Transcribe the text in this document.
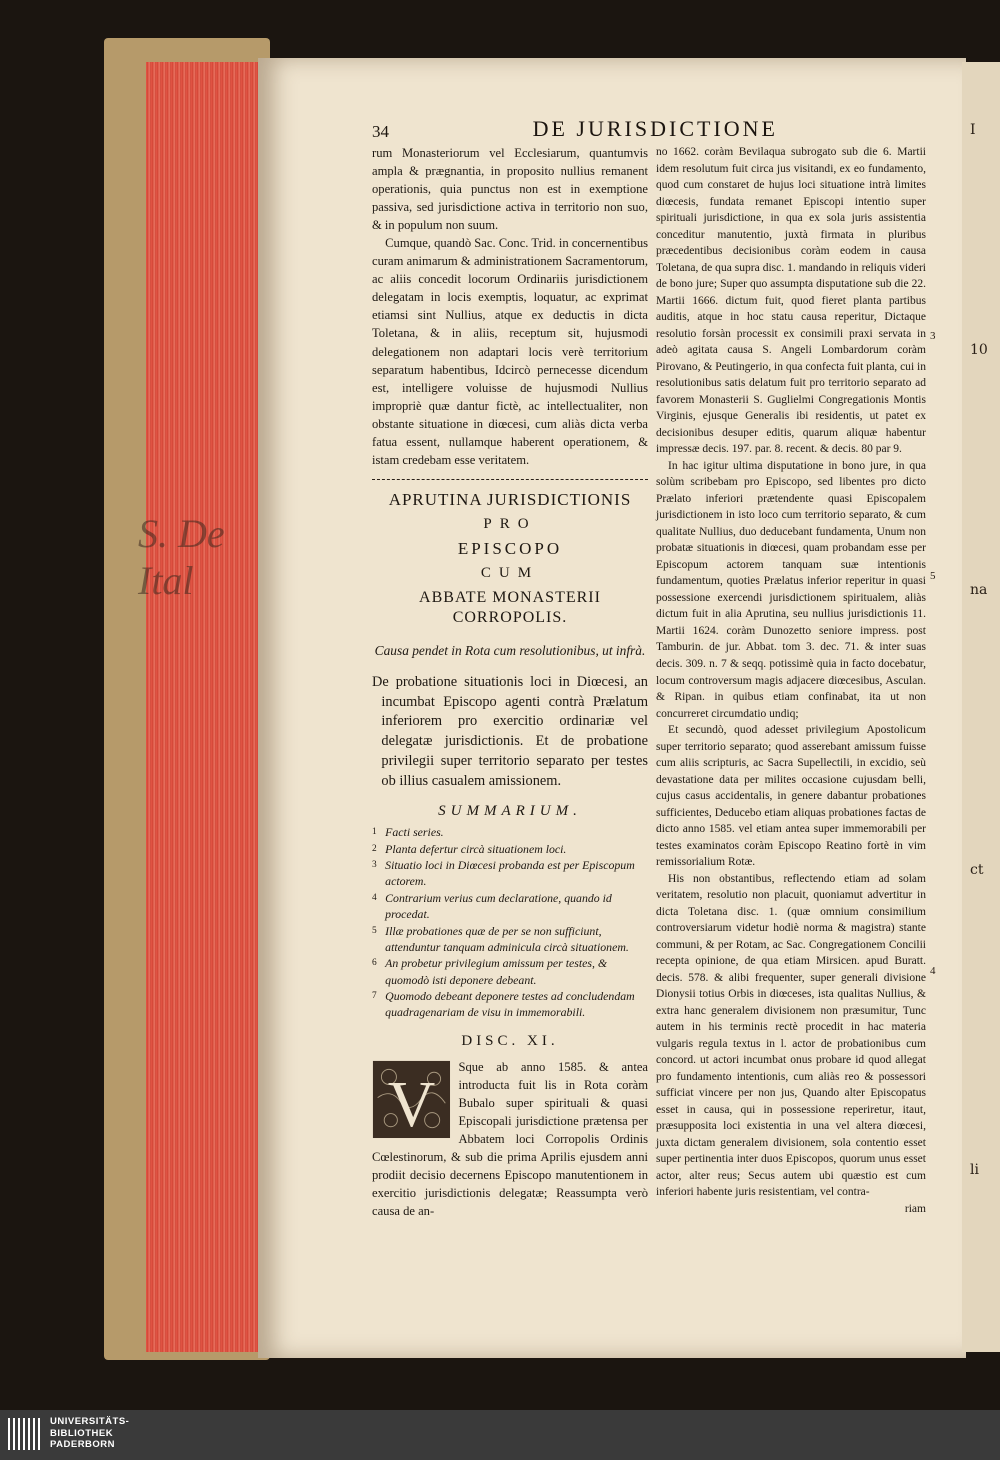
S. De
Ital
I
10
na
ct
li
34	DE JURISDICTIONE

rum Monasteriorum vel Ecclesiarum, quantumvis ampla & prægnantia, in proposito nullius remanent operationis, quia punctus non est in exemptione passiva, sed jurisdictione activa in territorio non suo, & in populum non suum.

Cumque, quandò Sac. Conc. Trid. in concernentibus curam animarum & administrationem Sacramentorum, ac aliis concedit locorum Ordinariis jurisdictionem delegatam in locis exemptis, loquatur, ac exprimat etiamsi sint Nullius, atque ex deductis in dicta Toletana, & in aliis, receptum sit, hujusmodi delegationem non adaptari locis verè territorium separatum habentibus, Idcircò pernecesse dicendum est, intelligere voluisse de hujusmodi Nullius impropriè quæ dantur fictè, ac intellectualiter, non obstante situatione in diœcesi, cum aliàs dicta verba fatua essent, nullamque haberent operationem, & istam credebam esse veritatem.

APRUTINA JURISDICTIONIS
PRO
EPISCOPO
CUM
ABBATE MONASTERII CORROPOLIS.
Causa pendet in Rota cum resolutionibus, ut infrà.
De probatione situationis loci in Diœcesi, an incumbat Episcopo agenti contrà Prælatum inferiorem pro exercitio ordinariæ vel delegatæ jurisdictionis. Et de probatione privilegii super territorio separato per testes ob illius casualem amissionem.
SUMMARIUM.
1 Facti series.
2 Planta defertur circà situationem loci.
3 Situatio loci in Diœcesi probanda est per Episcopum actorem.
4 Contrarium verius cum declaratione, quando id procedat.
5 Illæ probationes quæ de per se non sufficiunt, attenduntur tanquam adminicula circà situationem.
6 An probetur privilegium amissum per testes, & quomodò isti deponere debeant.
7 Quomodo debeant deponere testes ad concludendam quadragenariam de visu in immemorabili.
DISC. XI.
V
Sque ab anno 1585. & antea introducta fuit lis in Rota coràm Bubalo super spirituali & quasi Episcopali jurisdictione prætensa per Abbatem loci Corropolis Ordinis Cœlestinorum, & sub die prima Aprilis ejusdem anni prodiit decisio decernens Episcopo manutentionem in exercitio jurisdictionis delegatæ; Reassumpta verò causa de an-

no 1662. coràm Bevilaqua subrogato sub die 6. Martii idem resolutum fuit circa jus visitandi, ex eo fundamento, quod cum constaret de hujus loci situatione intrà limites diœcesis, fundata remanet Episcopi intentio super spirituali jurisdictione, in qua ex sola juris assistentia conceditur manutentio, juxtà firmata in pluribus præcedentibus decisionibus coràm eodem in causa Toletana, de qua supra disc. 1. mandando in reliquis videri de bono jure; Super quo assumpta disputatione sub die 22. Martii 1666. dictum fuit, quod fieret planta partibus auditis, atque in hoc statu causa reperitur, Dictaque resolutio forsàn processit ex consimili praxi servata in adeò agitata causa S. Angeli Lombardorum coràm Pirovano, & Peutingerio, in qua confecta fuit planta, cui in resolutionibus satis delatum fuit pro territorio separato ad favorem Monasterii S. Guglielmi Congregationis Montis Virginis, ejusque Generalis ibi residentis, ut patet ex decisionibus desuper editis, quarum aliquæ habentur impressæ decis. 197. par. 8. recent. & decis. 80 par 9.

In hac igitur ultima disputatione in bono jure, in qua solùm scribebam pro Episcopo, sed libentes pro dicto Prælato inferiori prætendente quasi Episcopalem jurisdictionem in isto loco cum territorio separato, & cum qualitate Nullius, duo deducebant fundamenta, Unum non probatæ situationis in diœcesi, quam probandam esse per Episcopum actorem tanquam suæ intentionis fundamentum, quoties Prælatus inferior reperitur in quasi possessione exercendi jurisdictionem spiritualem, aliàs dictum fuit in alia Aprutina, seu nullius jurisdictionis 11. Martii 1624. coràm Dunozetto seniore impress. post Tamburin. de jur. Abbat. tom 3. dec. 71. & inter suas decis. 309. n. 7 & seqq. potissimè quia in facto docebatur, locum controversum magis adjacere diœcesibus, Asculan. & Ripan. in quibus etiam confinabat, ita ut non concurreret circumdatio undiq;

Et secundò, quod adesset privilegium Apostolicum super territorio separato; quod asserebant amissum fuisse cum aliis scripturis, ac Sacra Supellectili, in excidio, seù devastatione data per milites occasione cujusdam belli, cujus casus accidentalis, in genere dabantur probationes sufficientes, Deducebo etiam aliquas probationes factas de dicto anno 1585. vel etiam antea super immemorabili per testes examinatos coràm Episcopo Reatino fortè in vim remissorialium Rotæ.

His non obstantibus, reflectendo etiam ad solam veritatem, resolutio non placuit, quoniamut advertitur in dicta Toletana disc. 1. (quæ omnium consimilium controversiarum videtur hodiè norma & magistra) stante communi, & per Rotam, ac Sac. Congregationem Concilii recepta opinione, de qua etiam Mirsicen. apud Buratt. decis. 578. & alibi frequenter, super generali divisione Dionysii totius Orbis in diœceses, ista qualitas Nullius, & extra hanc generalem divisionem non præsumitur, Tunc autem in his terminis rectè procedit in hac materia vulgaris regula textus in l. actor de probationibus cum concord. ut actori incumbat onus probare id quod allegat pro fundamento intentionis, cum aliàs reo & possessori sufficiat vincere per non jus, Quando alter Episcopatus esset in causa, qui in possessione reperiretur, itaut, præsupposita loci existentia in una vel altera diœcesi, juxta dictam generalem divisionem, sola contentio esset super pertinentia inter duos Episcopos, quorum unus esset actor, alter reus; Secus autem ubi quæstio est cum inferiori habente juris resistentiam, vel contra-

riam

3
5
4
UNIVERSITÄTS-
BIBLIOTHEK
PADERBORN
